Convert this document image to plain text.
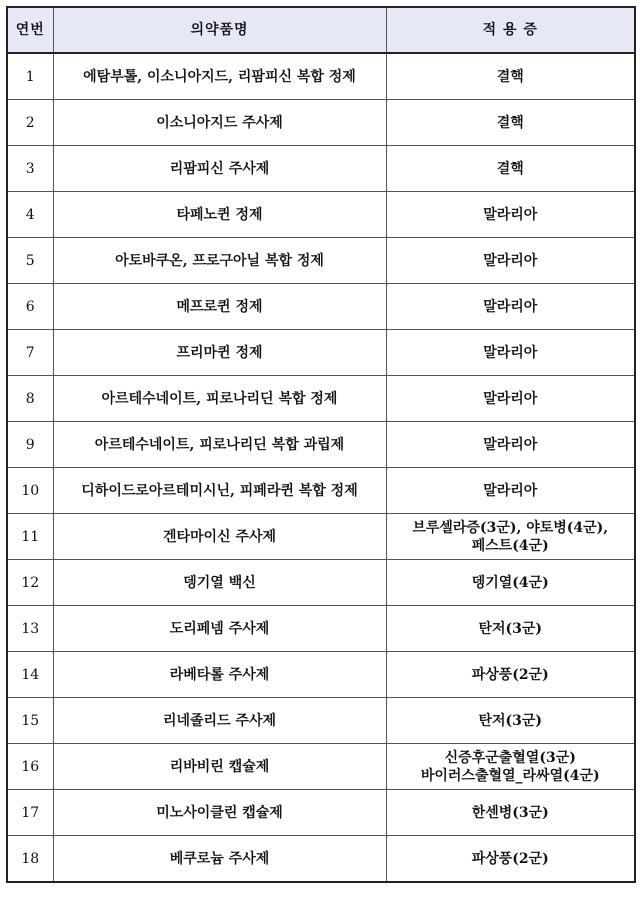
연번	의약품명	적 용 증
1	에탐부톨, 이소니아지드, 리팜피신 복합 정제	결핵

2	이소니아지드 주사제	결핵

3	리팜피신 주사제	결핵

4	타페노퀸 정제	말라리아

5	아토바쿠온, 프로구아닐 복합 정제	말라리아

6	메프로퀸 정제	말라리아

7	프리마퀸 정제	말라리아

8	아르테수네이트, 피로나리딘 복합 정제	말라리아

9	아르테수네이트, 피로나리딘 복합 과립제	말라리아

10	디하이드로아르테미시닌, 피페라퀸 복합 정제	말라리아

11	겐타마이신 주사제	브루셀라증(3군), 야토병(4군),
페스트(4군)

12	뎅기열 백신	뎅기열(4군)

13	도리페넴 주사제	탄저(3군)

14	라베타롤 주사제	파상풍(2군)

15	리네졸리드 주사제	탄저(3군)

16	리바비린 캡슐제	신증후군출혈열(3군)
바이러스출혈열_라싸열(4군)

17	미노사이클린 캡슐제	한센병(3군)

18	베쿠로늄 주사제	파상풍(2군)
